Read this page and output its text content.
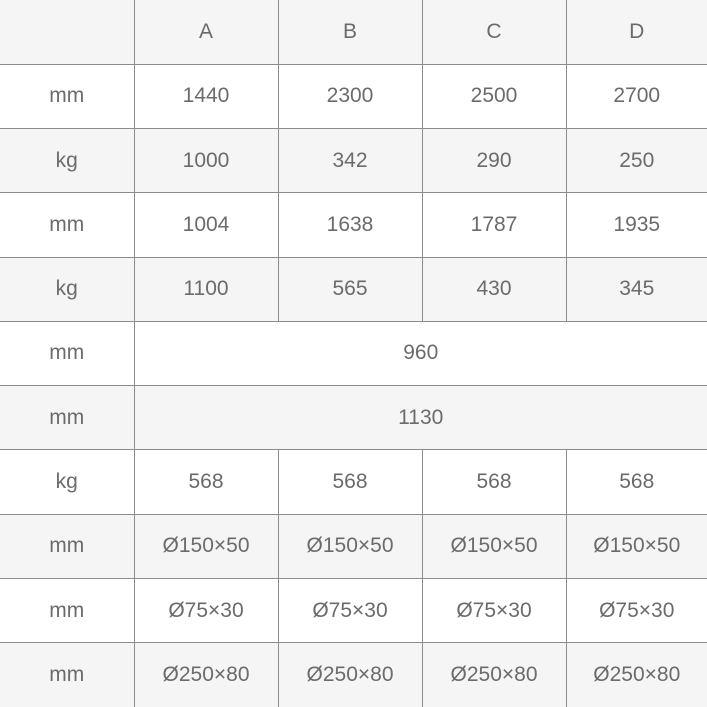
	A	B	C	D
mm	1440	2300	2500	2700
kg	1000	342	290	250
mm	1004	1638	1787	1935
kg	1100	565	430	345
mm	960			
mm	1130			
kg	568	568	568	568
mm	Ø150×50	Ø150×50	Ø150×50	Ø150×50
mm	Ø75×30	Ø75×30	Ø75×30	Ø75×30
mm	Ø250×80	Ø250×80	Ø250×80	Ø250×80
